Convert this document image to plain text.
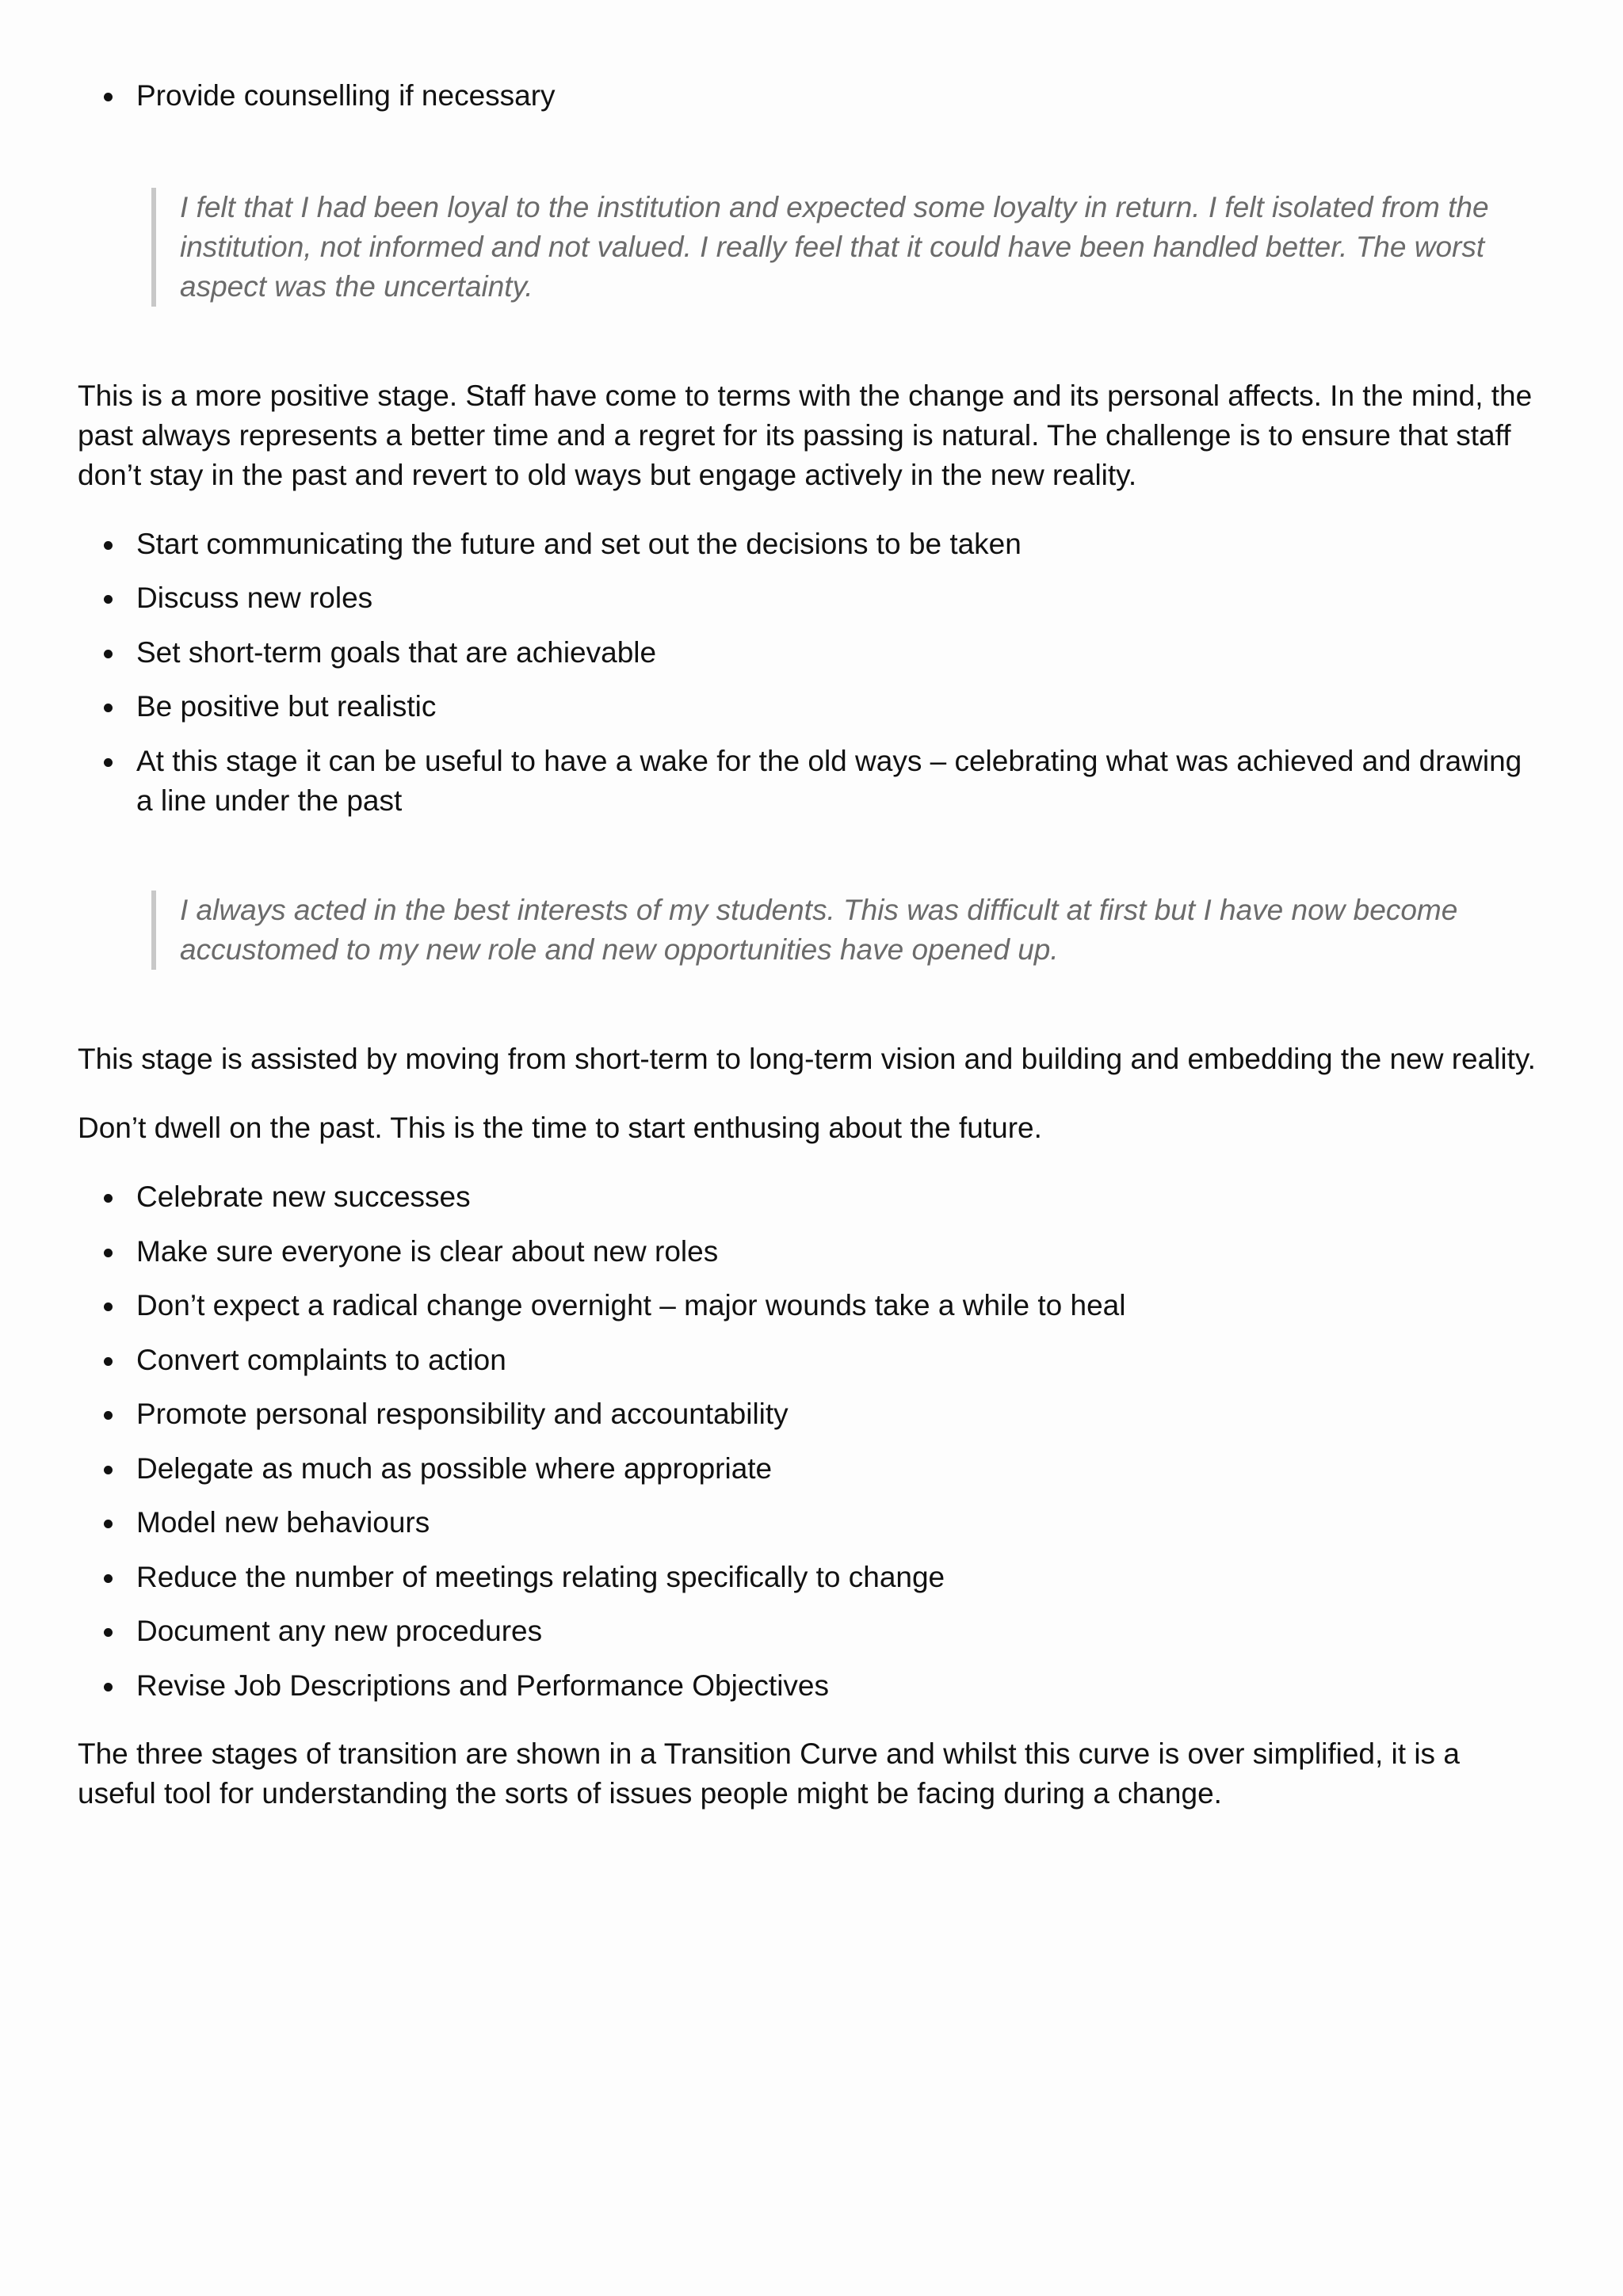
Provide counselling if necessary
I felt that I had been loyal to the institution and expected some loyalty in return. I felt isolated from the institution, not informed and not valued. I really feel that it could have been handled better. The worst aspect was the uncertainty.

This is a more positive stage. Staff have come to terms with the change and its personal affects. In the mind, the past always represents a better time and a regret for its passing is natural. The challenge is to ensure that staff don’t stay in the past and revert to old ways but engage actively in the new reality.

Start communicating the future and set out the decisions to be taken
Discuss new roles
Set short-term goals that are achievable
Be positive but realistic
At this stage it can be useful to have a wake for the old ways – celebrating what was achieved and drawing a line under the past
I always acted in the best interests of my students. This was difficult at first but I have now become accustomed to my new role and new opportunities have opened up.

This stage is assisted by moving from short-term to long-term vision and building and embedding the new reality.

Don’t dwell on the past. This is the time to start enthusing about the future.

Celebrate new successes
Make sure everyone is clear about new roles
Don’t expect a radical change overnight – major wounds take a while to heal
Convert complaints to action
Promote personal responsibility and accountability
Delegate as much as possible where appropriate
Model new behaviours
Reduce the number of meetings relating specifically to change
Document any new procedures
Revise Job Descriptions and Performance Objectives

The three stages of transition are shown in a Transition Curve and whilst this curve is over simplified, it is a useful tool for understanding the sorts of issues people might be facing during a change.
